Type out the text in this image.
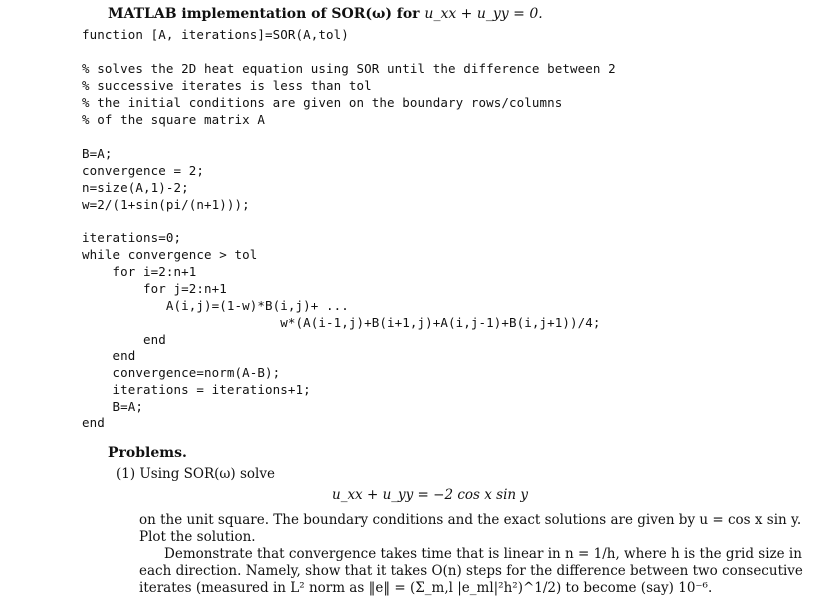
MATLAB implementation of SOR(ω) for u_xx + u_yy = 0.
function [A, iterations]=SOR(A,tol)
% solves the 2D heat equation using SOR until the difference between 2
% successive iterates is less than tol
% the initial conditions are given on the boundary rows/columns
% of the square matrix A
B=A;
convergence = 2;
n=size(A,1)-2;
w=2/(1+sin(pi/(n+1)));
iterations=0;
while convergence > tol
for i=2:n+1
for j=2:n+1
A(i,j)=(1-w)*B(i,j)+ ...
w*(A(i-1,j)+B(i+1,j)+A(i,j-1)+B(i,j+1))/4;
end
end
convergence=norm(A-B);
iterations = iterations+1;
B=A;
end
Problems.
(1) Using SOR(ω) solve
u_xx + u_yy = −2 cos x sin y
on the unit square. The boundary conditions and the exact solutions are given by u = cos x sin y.
Plot the solution.
Demonstrate that convergence takes time that is linear in n = 1/h, where h is the grid size in
each direction. Namely, show that it takes O(n) steps for the difference between two consecutive
iterates (measured in L² norm as ‖e‖ = (Σ_m,l |e_ml|²h²)^1/2) to become (say) 10⁻⁶.
